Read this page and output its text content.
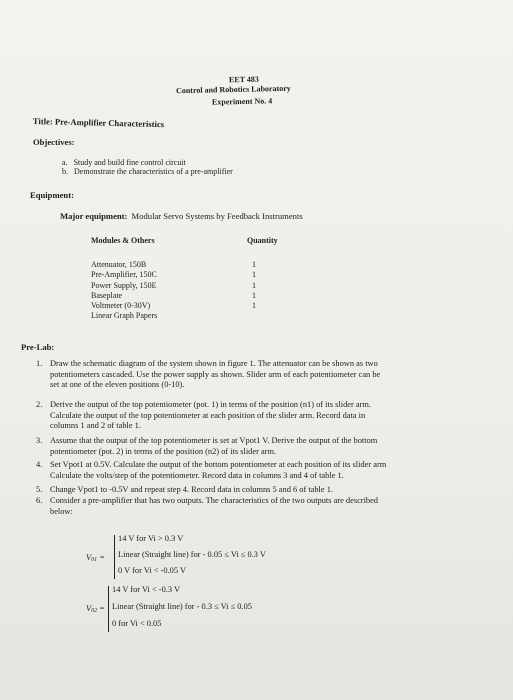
EET 483
Control and Robotics Laboratory
Experiment No. 4
Title: Pre-Amplifier Characteristics
Objectives:
a. Study and build fine control circuit
b. Demonstrate the characteristics of a pre-amplifier
Equipment:
Major equipment: Modular Servo Systems by Feedback Instruments
Modules & Others	Quantity
Attenuator, 150B	1
Pre-Amplifier, 150C	1
Power Supply, 150E	1
Baseplate	1
Voltmeter (0-30V)	1
Linear Graph Papers
Pre-Lab:
1. Draw the schematic diagram of the system shown in figure 1. The attenuator can be shown as two
potentiometers cascaded. Use the power supply as shown. Slider arm of each potentiometer can be
set at one of the eleven positions (0-10).
2. Derive the output of the top potentiometer (pot. 1) in terms of the position (n1) of its slider arm.
Calculate the output of the top potentiometer at each position of the slider arm. Record data in
columns 1 and 2 of table 1.
3. Assume that the output of the top potentiometer is set at Vpot1 V. Derive the output of the bottom
potentiometer (pot. 2) in terms of the position (n2) of its slider arm.
4. Set Vpot1 at 0.5V. Calculate the output of the bottom potentiometer at each position of its slider arm
Calculate the volts/step of the potentiometer. Record data in columns 3 and 4 of table 1.
5. Change Vpot1 to -0.5V and repeat step 4. Record data in columns 5 and 6 of table 1.
6. Consider a pre-amplifier that has two outputs. The characteristics of the two outputs are described
below:
V01 =
14 V for Vi > 0.3 V
Linear (Straight line) for - 0.05 ≤ Vi ≤ 0.3 V
0 V for Vi < -0.05 V
V02 =
14 V for Vi < -0.3 V
Linear (Straight line) for - 0.3 ≤ Vi ≤ 0.05
0 for Vi < 0.05
